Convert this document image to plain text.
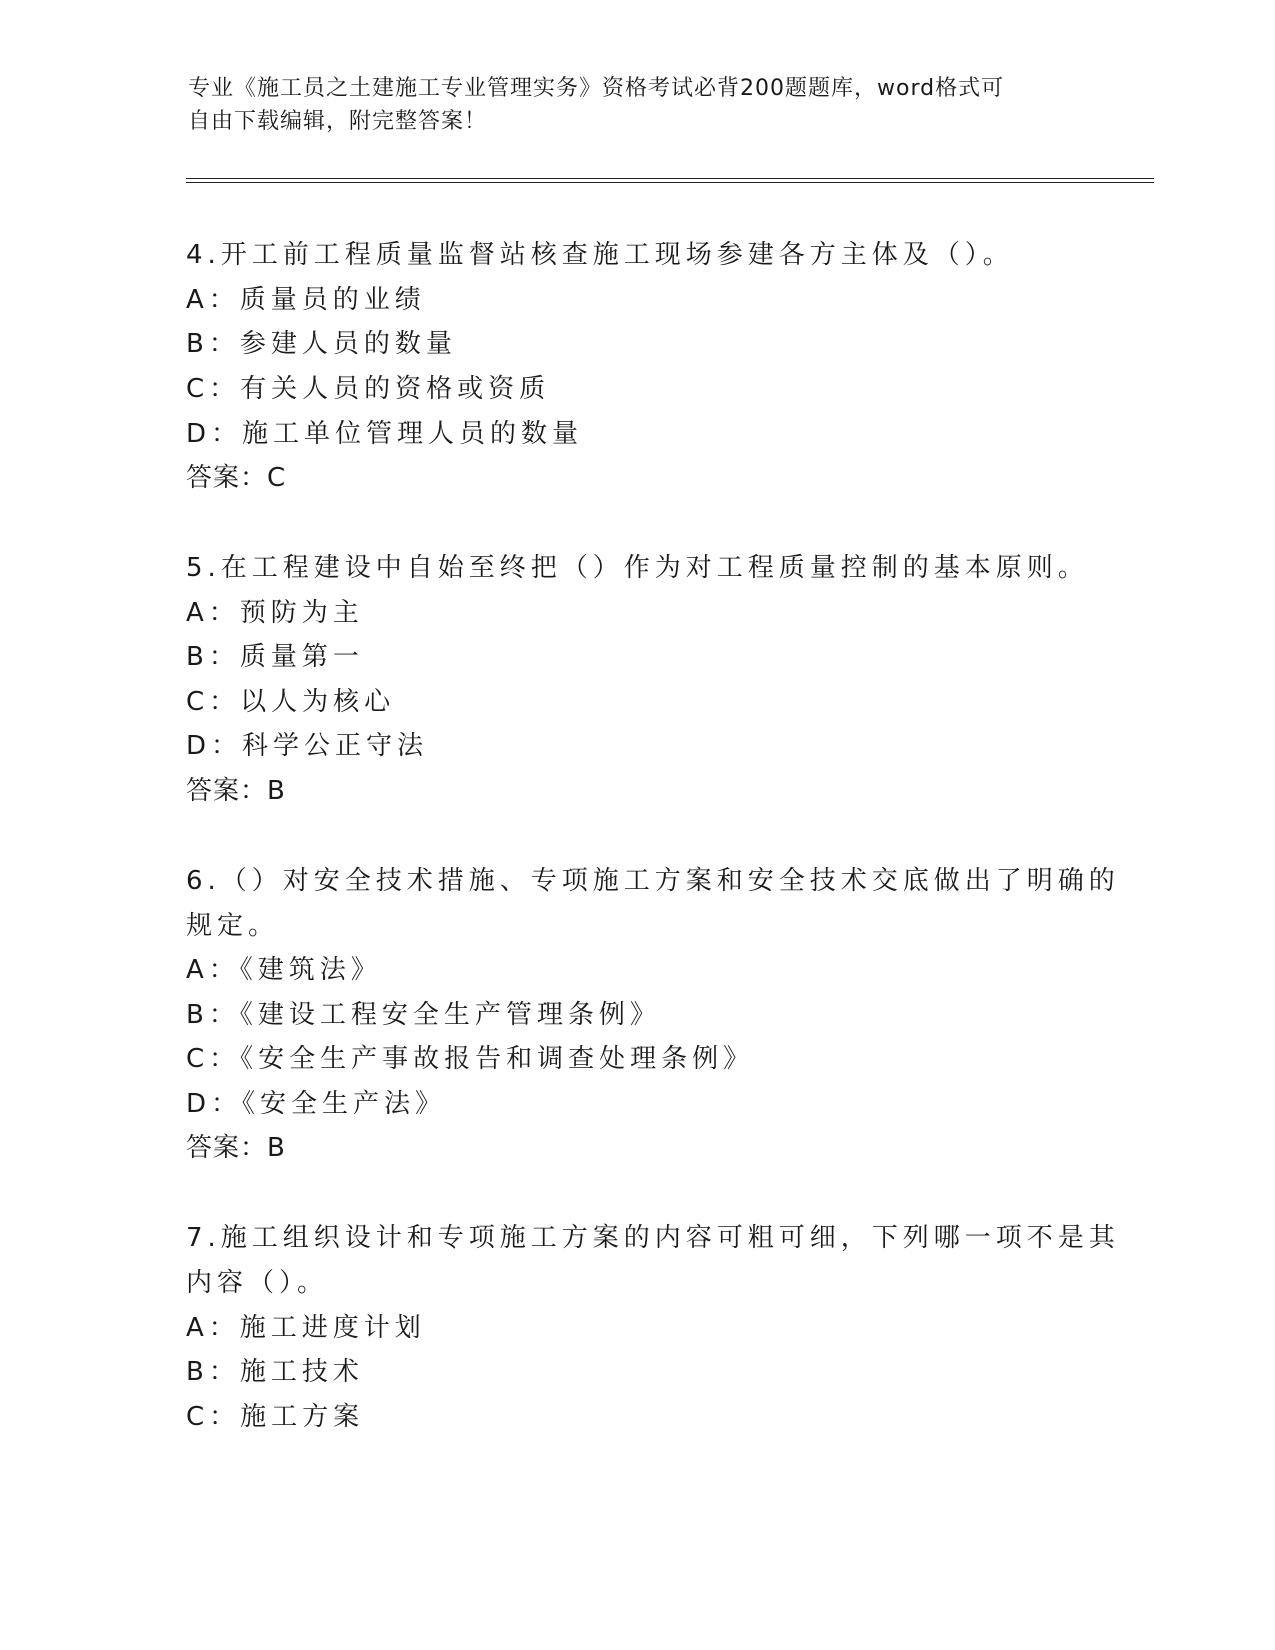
专业《施工员之土建施工专业管理实务》资格考试必背200题题库，word格式可
自由下载编辑，附完整答案！
4.开工前工程质量监督站核查施工现场参建各方主体及（）。
A：质量员的业绩
B：参建人员的数量
C：有关人员的资格或资质
D：施工单位管理人员的数量
答案：C
5.在工程建设中自始至终把（）作为对工程质量控制的基本原则。
A：预防为主
B：质量第一
C：以人为核心
D：科学公正守法
答案：B
6.（）对安全技术措施、专项施工方案和安全技术交底做出了明确的
规定。
A：《建筑法》
B：《建设工程安全生产管理条例》
C：《安全生产事故报告和调查处理条例》
D：《安全生产法》
答案：B
7.施工组织设计和专项施工方案的内容可粗可细，下列哪一项不是其
内容（）。
A：施工进度计划
B：施工技术
C：施工方案
